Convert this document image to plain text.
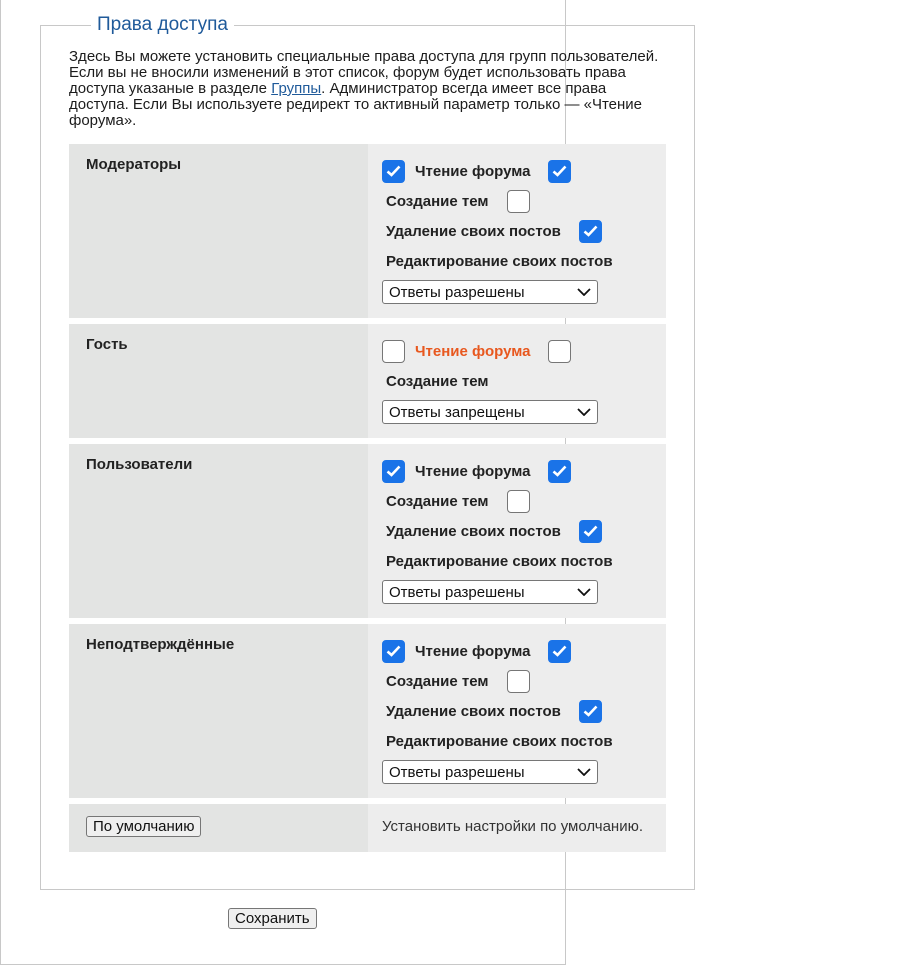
Права доступа
Здесь Вы можете установить специальные права доступа для групп пользователей. Если вы не вносили изменений в этот список, форум будет использовать права доступа указаные в разделе Группы. Администратор всегда имеет все права доступа. Если Вы используете редирект то активный параметр только — «Чтение форума».
Модераторы	Чтение форума
Создание тем
Удаление своих постов
Редактирование своих постов
Ответы разрешены
Гость	Чтение форума
Создание тем
Ответы запрещены
Пользователи	Чтение форума
Создание тем
Удаление своих постов
Редактирование своих постов
Ответы разрешены
Неподтверждённые	Чтение форума
Создание тем
Удаление своих постов
Редактирование своих постов
Ответы разрешены
По умолчанию	Установить настройки по умолчанию.
Сохранить
